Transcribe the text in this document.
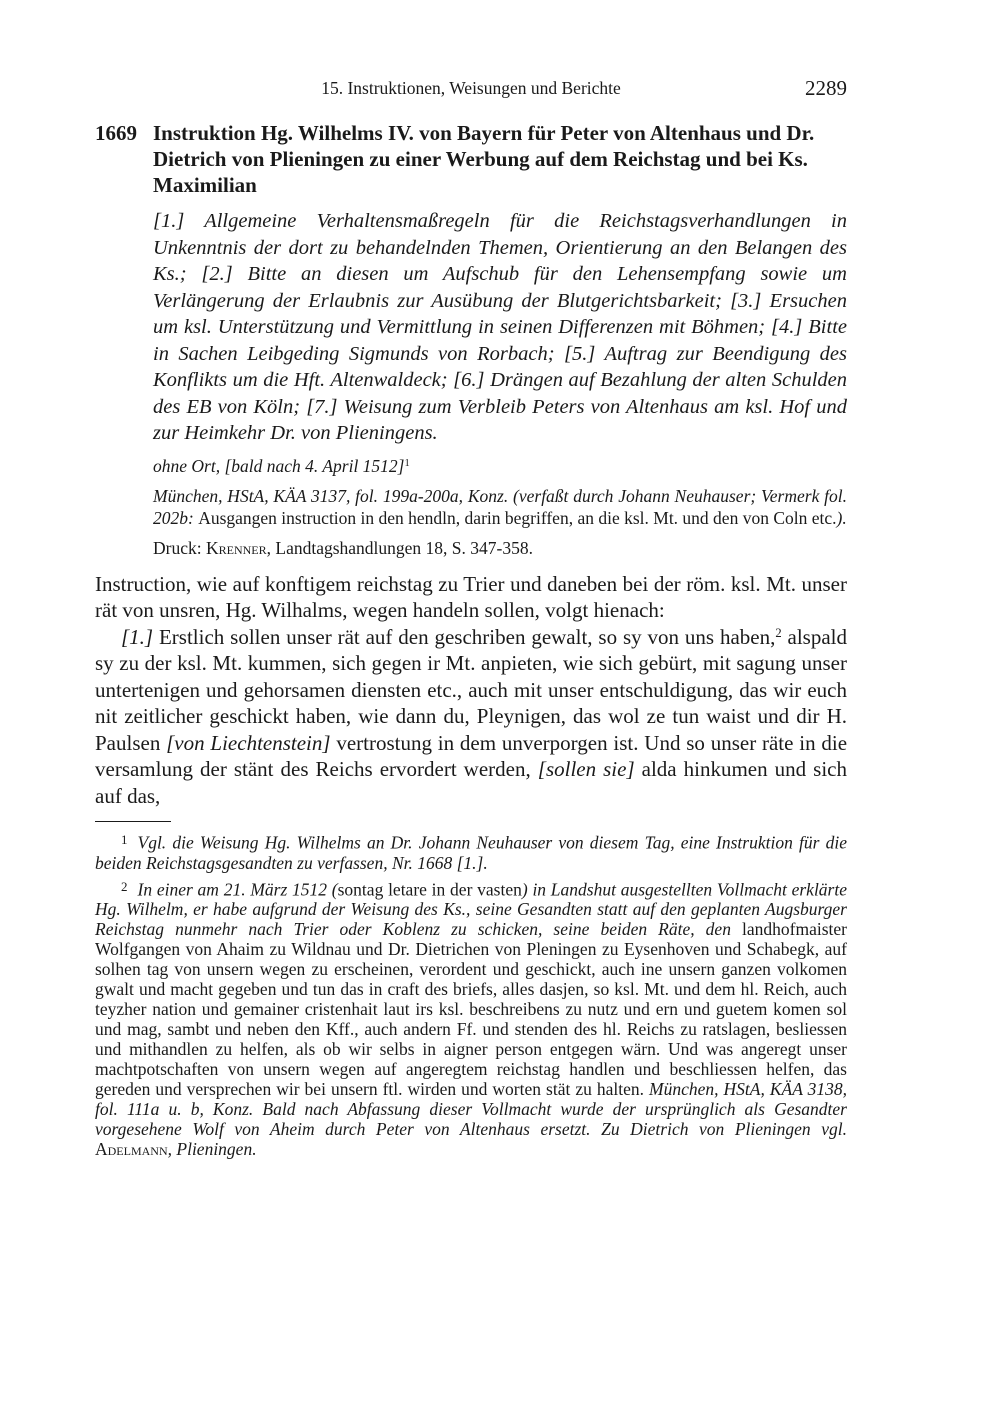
15. Instruktionen, Weisungen und Berichte	2289
1669 Instruktion Hg. Wilhelms IV. von Bayern für Peter von Altenhaus und Dr. Dietrich von Plieningen zu einer Werbung auf dem Reichstag und bei Ks. Maximilian

[1.] Allgemeine Verhaltensmaßregeln für die Reichstagsverhandlungen in Unkenntnis der dort zu behandelnden Themen, Orientierung an den Belangen des Ks.; [2.] Bitte an diesen um Aufschub für den Lehensempfang sowie um Verlängerung der Erlaubnis zur Ausübung der Blutgerichtsbarkeit; [3.] Ersuchen um ksl. Unterstützung und Vermittlung in seinen Differenzen mit Böhmen; [4.] Bitte in Sachen Leibgeding Sigmunds von Rorbach; [5.] Auftrag zur Beendigung des Konflikts um die Hft. Altenwaldeck; [6.] Drängen auf Bezahlung der alten Schulden des EB von Köln; [7.] Weisung zum Verbleib Peters von Altenhaus am ksl. Hof und zur Heimkehr Dr. von Plieningens.

ohne Ort, [bald nach 4. April 1512]$^1$

München, HStA, KÄA 3137, fol. 199a-200a, Konz. (verfaßt durch Johann Neuhauser; Vermerk fol. 202b: Ausgangen instruction in den hendln, darin begriffen, an die ksl. Mt. und den von Coln etc.).

Druck: Krenner, Landtagshandlungen 18, S. 347-358.

Instruction, wie auf konftigem reichstag zu Trier und daneben bei der röm. ksl. Mt. unser rät von unsren, Hg. Wilhalms, wegen handeln sollen, volgt hienach:

[1.] Erstlich sollen unser rät auf den geschriben gewalt, so sy von uns haben,$^2$ alspald sy zu der ksl. Mt. kummen, sich gegen ir Mt. anpieten, wie sich gebürt, mit sagung unser untertenigen und gehorsamen diensten etc., auch mit unser entschuldigung, das wir euch nit zeitlicher geschickt haben, wie dann du, Pleynigen, das wol ze tun waist und dir H. Paulsen [von Liechtenstein] vertrostung in dem unverporgen ist. Und so unser räte in die versamlung der stänt des Reichs ervordert werden, [sollen sie] alda hinkumen und sich auf das,

1 Vgl. die Weisung Hg. Wilhelms an Dr. Johann Neuhauser von diesem Tag, eine Instruktion für die beiden Reichstagsgesandten zu verfassen, Nr. 1668 [1.].

2 In einer am 21. März 1512 (sontag letare in der vasten) in Landshut ausgestellten Vollmacht erklärte Hg. Wilhelm, er habe aufgrund der Weisung des Ks., seine Gesandten statt auf den geplanten Augsburger Reichstag nunmehr nach Trier oder Koblenz zu schicken, seine beiden Räte, den landhofmaister Wolfgangen von Ahaim zu Wildnau und Dr. Dietrichen von Pleningen zu Eysenhoven und Schabegk, auf solhen tag von unsern wegen zu erscheinen, verordent und geschickt, auch ine unsern ganzen volkomen gwalt und macht gegeben und tun das in craft des briefs, alles dasjen, so ksl. Mt. und dem hl. Reich, auch teyzher nation und gemainer cristenhait laut irs ksl. beschreibens zu nutz und ern und guetem komen sol und mag, sambt und neben den Kff., auch andern Ff. und stenden des hl. Reichs zu ratslagen, besliessen und mithandlen zu helfen, als ob wir selbs in aigner person entgegen wärn. Und was angeregt unser machtpotschaften von unsern wegen auf angeregtem reichstag handlen und beschliessen helfen, das gereden und versprechen wir bei unsern ftl. wirden und worten stät zu halten. München, HStA, KÄA 3138, fol. 111a u. b, Konz. Bald nach Abfassung dieser Vollmacht wurde der ursprünglich als Gesandter vorgesehene Wolf von Aheim durch Peter von Altenhaus ersetzt. Zu Dietrich von Plieningen vgl. Adelmann, Plieningen.
